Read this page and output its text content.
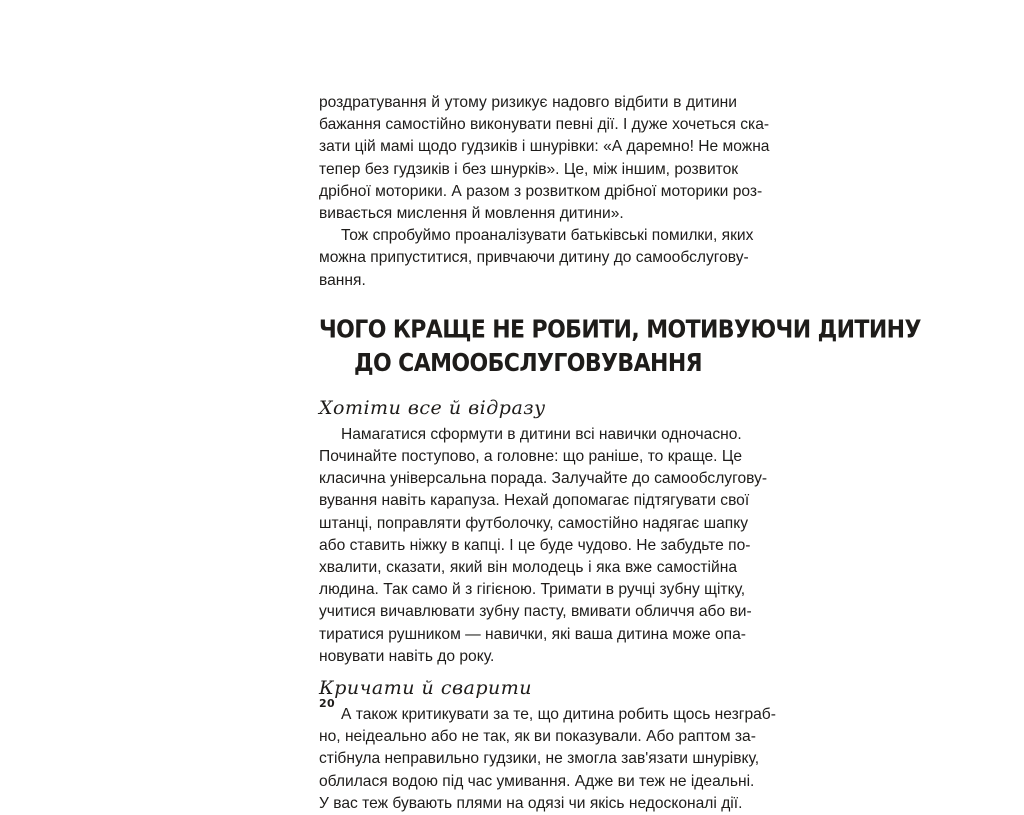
роздратування й утому ризикує надовго відбити в дитини
бажання самостійно виконувати певні дії. І дуже хочеться ска-
зати цій мамі щодо гудзиків і шнурівки: «А даремно! Не можна
тепер без гудзиків і без шнурків». Це, між іншим, розвиток
дрібної моторики. А разом з розвитком дрібної моторики роз-
вивається мислення й мовлення дитини».

Тож спробуймо проаналізувати батьківські помилки, яких
можна припуститися, привчаючи дитину до самообслугову-
вання.

ЧОГО КРАЩЕ НЕ РОБИТИ, МОТИВУЮЧИ ДИТИНУ
ДО САМООБСЛУГОВУВАННЯ
Хотіти все й відразу

Намагатися сформути в дитини всі навички одночасно.
Починайте поступово, а головне: що раніше, то краще. Це
класична універсальна порада. Залучайте до самообслугову-
вування навіть карапуза. Нехай допомагає підтягувати свої
штанці, поправляти футболочку, самостійно надягає шапку
або ставить ніжку в капці. І це буде чудово. Не забудьте по-
хвалити, сказати, який він молодець і яка вже самостійна
людина. Так само й з гігієною. Тримати в ручці зубну щітку,
учитися вичавлювати зубну пасту, вмивати обличчя або ви-
тиратися рушником — навички, які ваша дитина може опа-
новувати навіть до року.

Кричати й сварити

А також критикувати за те, що дитина робить щось незграб-
но, неідеально або не так, як ви показували. Або раптом за-
стібнула неправильно гудзики, не змогла зав'язати шнурівку,
облилася водою під час умивання. Адже ви теж не ідеальні.
У вас теж бувають плями на одязі чи якісь недосконалі дії.

20
